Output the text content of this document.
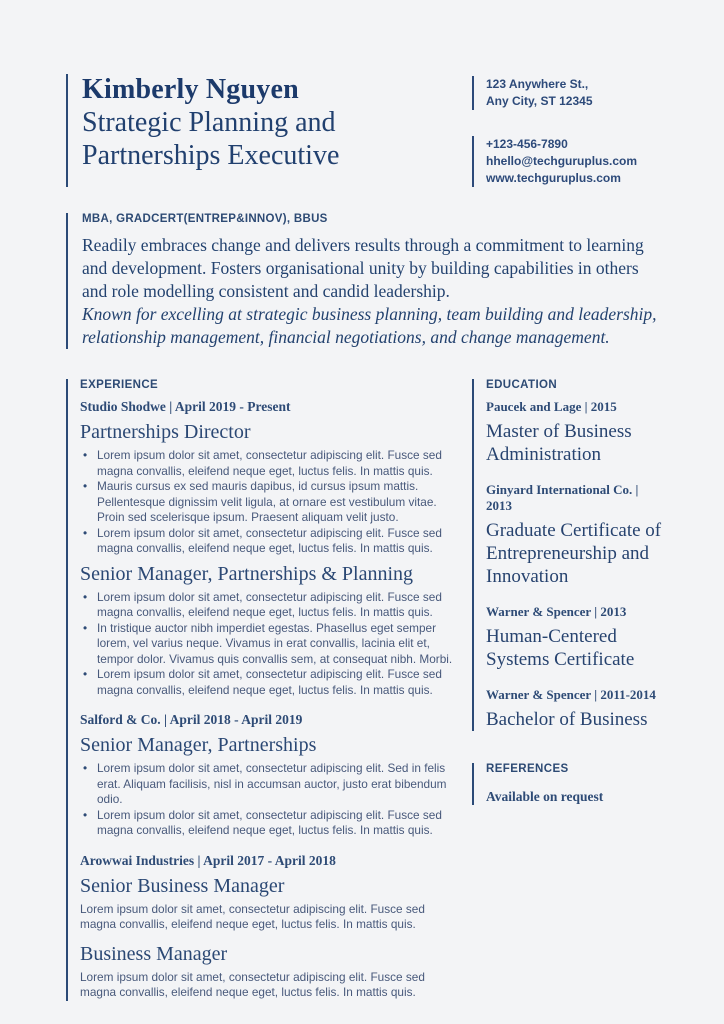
Kimberly Nguyen
Strategic Planning and
Partnerships Executive
123 Anywhere St.,
Any City, ST 12345
+123-456-7890
hhello@techguruplus.com
www.techguruplus.com
MBA, GRADCERT(ENTREP&INNOV), BBUS
Readily embraces change and delivers results through a commitment to learning and development. Fosters organisational unity by building capabilities in others and role modelling consistent and candid leadership.
Known for excelling at strategic business planning, team building and leadership, relationship management, financial negotiations, and change management.
EXPERIENCE
Studio Shodwe | April 2019 - Present
Partnerships Director
• Lorem ipsum dolor sit amet, consectetur adipiscing elit. Fusce sed magna convallis, eleifend neque eget, luctus felis. In mattis quis.
• Mauris cursus ex sed mauris dapibus, id cursus ipsum mattis. Pellentesque dignissim velit ligula, at ornare est vestibulum vitae. Proin sed scelerisque ipsum. Praesent aliquam velit justo.
• Lorem ipsum dolor sit amet, consectetur adipiscing elit. Fusce sed magna convallis, eleifend neque eget, luctus felis. In mattis quis.
Senior Manager, Partnerships & Planning
• Lorem ipsum dolor sit amet, consectetur adipiscing elit. Fusce sed magna convallis, eleifend neque eget, luctus felis. In mattis quis.
• In tristique auctor nibh imperdiet egestas. Phasellus eget semper lorem, vel varius neque. Vivamus in erat convallis, lacinia elit et, tempor dolor. Vivamus quis convallis sem, at consequat nibh. Morbi.
• Lorem ipsum dolor sit amet, consectetur adipiscing elit. Fusce sed magna convallis, eleifend neque eget, luctus felis. In mattis quis.
Salford & Co. | April 2018 - April 2019
Senior Manager, Partnerships
• Lorem ipsum dolor sit amet, consectetur adipiscing elit. Sed in felis erat. Aliquam facilisis, nisl in accumsan auctor, justo erat bibendum odio.
• Lorem ipsum dolor sit amet, consectetur adipiscing elit. Fusce sed magna convallis, eleifend neque eget, luctus felis. In mattis quis.
Arowwai Industries | April 2017 - April 2018
Senior Business Manager

Lorem ipsum dolor sit amet, consectetur adipiscing elit. Fusce sed magna convallis, eleifend neque eget, luctus felis. In mattis quis.

Business Manager

Lorem ipsum dolor sit amet, consectetur adipiscing elit. Fusce sed magna convallis, eleifend neque eget, luctus felis. In mattis quis.

EDUCATION
Paucek and Lage | 2015
Master of Business Administration
Ginyard International Co. | 2013
Graduate Certificate of Entrepreneurship and Innovation
Warner & Spencer | 2013
Human-Centered Systems Certificate
Warner & Spencer | 2011-2014
Bachelor of Business
REFERENCES
Available on request
